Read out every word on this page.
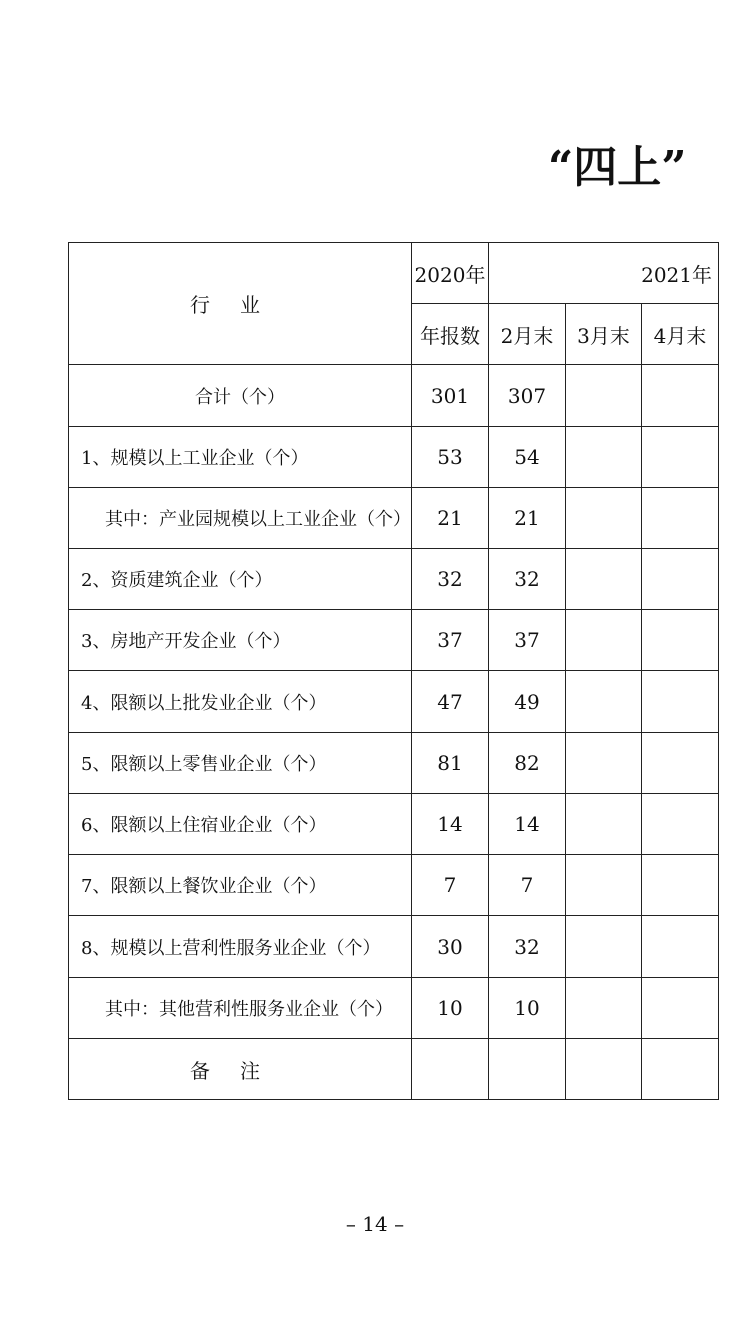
“四上”
行业	2020年	2021年		
	年报数	2月末	3月末	4月末
合计（个）	301	307		
1、规模以上工业企业（个）	53	54		
其中：产业园规模以上工业企业（个）	21	21		
2、资质建筑企业（个）	32	32		
3、房地产开发企业（个）	37	37		
4、限额以上批发业企业（个）	47	49		
5、限额以上零售业企业（个）	81	82		
6、限额以上住宿业企业（个）	14	14		
7、限额以上餐饮业企业（个）	7	7		
8、规模以上营利性服务业企业（个）	30	32		
其中：其他营利性服务业企业（个）	10	10		
备注				
– 14 –
